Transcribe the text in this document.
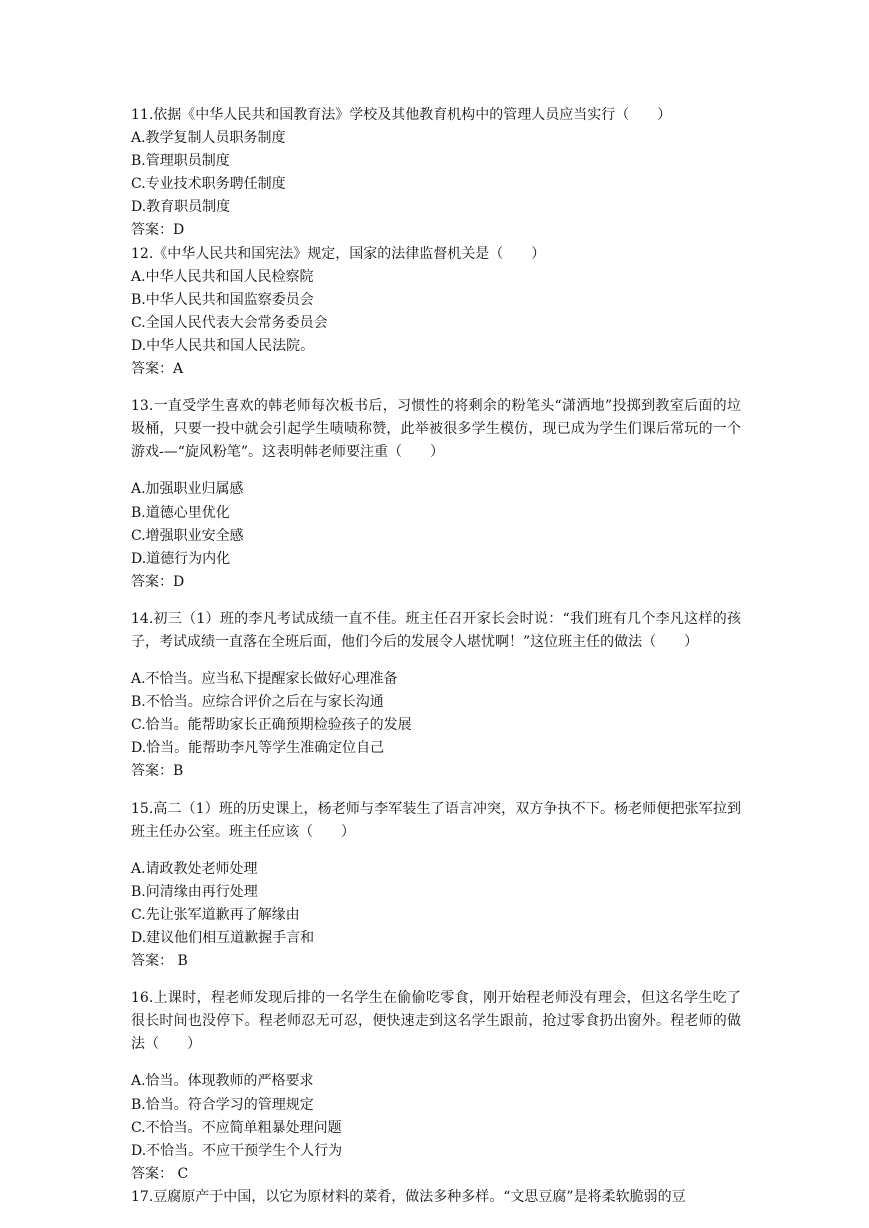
11.依据《中华人民共和国教育法》学校及其他教育机构中的管理人员应当实行（　　）

A.教学复制人员职务制度

B.管理职员制度

C.专业技术职务聘任制度

D.教育职员制度

答案：D

12.《中华人民共和国宪法》规定，国家的法律监督机关是（　　）

A.中华人民共和国人民检察院

B.中华人民共和国监察委员会

C.全国人民代表大会常务委员会

D.中华人民共和国人民法院。

答案：A

13.一直受学生喜欢的韩老师每次板书后，习惯性的将剩余的粉笔头“潇洒地”投掷到教室后面的垃圾桶，只要一投中就会引起学生啧啧称赞，此举被很多学生模仿，现已成为学生们课后常玩的一个游戏-—“旋风粉笔”。这表明韩老师要注重（　　）

A.加强职业归属感

B.道德心里优化

C.增强职业安全感

D.道德行为内化

答案：D

14.初三（1）班的李凡考试成绩一直不佳。班主任召开家长会时说：“我们班有几个李凡这样的孩子，考试成绩一直落在全班后面，他们今后的发展令人堪忧啊！”这位班主任的做法（　　）

A.不恰当。应当私下提醒家长做好心理准备

B.不恰当。应综合评价之后在与家长沟通

C.恰当。能帮助家长正确预期检验孩子的发展

D.恰当。能帮助李凡等学生准确定位自己

答案：B

15.高二（1）班的历史课上，杨老师与李军装生了语言冲突，双方争执不下。杨老师便把张军拉到班主任办公室。班主任应该（　　）

A.请政教处老师处理

B.问清缘由再行处理

C.先让张军道歉再了解缘由

D.建议他们相互道歉握手言和

答案： B

16.上课时，程老师发现后排的一名学生在偷偷吃零食，刚开始程老师没有理会，但这名学生吃了很长时间也没停下。程老师忍无可忍，便快速走到这名学生跟前，抢过零食扔出窗外。程老师的做法（　　）

A.恰当。体现教师的严格要求

B.恰当。符合学习的管理规定

C.不恰当。不应简单粗暴处理问题

D.不恰当。不应干预学生个人行为

答案： C

17.豆腐原产于中国，以它为原材料的菜肴，做法多种多样。“文思豆腐”是将柔软脆弱的豆
